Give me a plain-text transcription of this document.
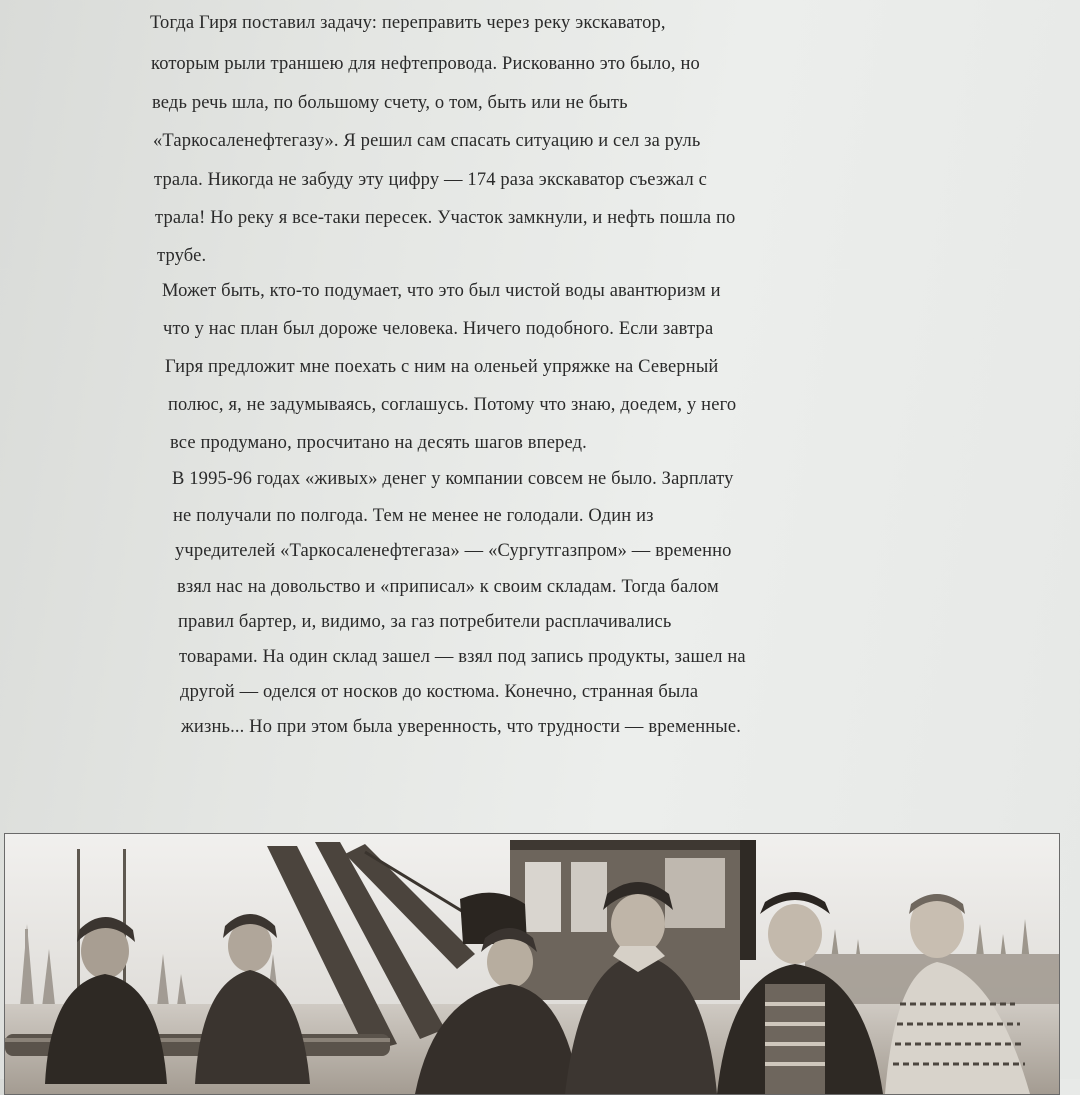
Тогда Гиря поставил задачу: переправить через реку экскаватор,
которым рыли траншею для нефтепровода. Рискованно это было, но
ведь речь шла, по большому счету, о том, быть или не быть
«Таркосаленефтегазу». Я решил сам спасать ситуацию и сел за руль
трала. Никогда не забуду эту цифру — 174 раза экскаватор съезжал с
трала! Но реку я все-таки пересек. Участок замкнули, и нефть пошла по
трубе.
Может быть, кто-то подумает, что это был чистой воды авантюризм и
что у нас план был дороже человека. Ничего подобного. Если завтра
Гиря предложит мне поехать с ним на оленьей упряжке на Северный
полюс, я, не задумываясь, соглашусь. Потому что знаю, доедем, у него
все продумано, просчитано на десять шагов вперед.
В 1995-96 годах «живых» денег у компании совсем не было. Зарплату
не получали по полгода. Тем не менее не голодали. Один из
учредителей «Таркосаленефтегаза» — «Сургутгазпром» — временно
взял нас на довольство и «приписал» к своим складам. Тогда балом
правил бартер, и, видимо, за газ потребители расплачивались
товарами. На один склад зашел — взял под запись продукты, зашел на
другой — оделся от носков до костюма. Конечно, странная была
жизнь... Но при этом была уверенность, что трудности — временные.
